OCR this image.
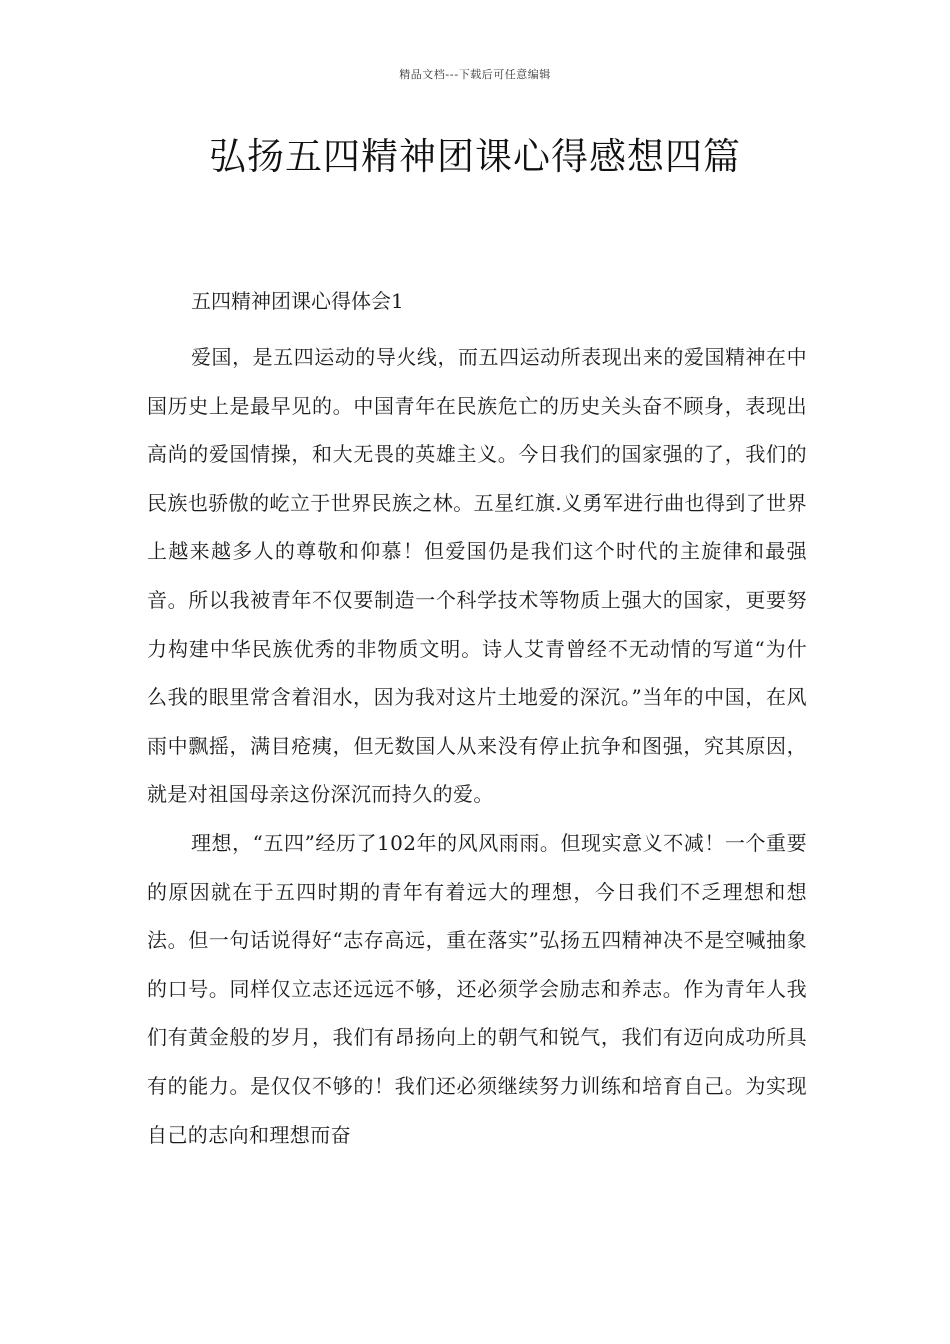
精品文档---下载后可任意编辑
弘扬五四精神团课心得感想四篇

五四精神团课心得体会1

爱国，是五四运动的导火线，而五四运动所表现出来的爱国精神在中国历史上是最早见的。中国青年在民族危亡的历史关头奋不顾身，表现出高尚的爱国情操，和大无畏的英雄主义。今日我们的国家强的了，我们的民族也骄傲的屹立于世界民族之林。五星红旗.义勇军进行曲也得到了世界上越来越多人的尊敬和仰慕！但爱国仍是我们这个时代的主旋律和最强音。所以我被青年不仅要制造一个科学技术等物质上强大的国家，更要努力构建中华民族优秀的非物质文明。诗人艾青曾经不无动情的写道“为什么我的眼里常含着泪水，因为我对这片土地爱的深沉。”当年的中国，在风雨中飘摇，满目疮痍，但无数国人从来没有停止抗争和图强，究其原因，就是对祖国母亲这份深沉而持久的爱。

理想，“五四”经历了102年的风风雨雨。但现实意义不减！一个重要的原因就在于五四时期的青年有着远大的理想，今日我们不乏理想和想法。但一句话说得好“志存高远，重在落实”弘扬五四精神决不是空喊抽象的口号。同样仅立志还远远不够，还必须学会励志和养志。作为青年人我们有黄金般的岁月，我们有昂扬向上的朝气和锐气，我们有迈向成功所具有的能力。是仅仅不够的！我们还必须继续努力训练和培育自己。为实现自己的志向和理想而奋
